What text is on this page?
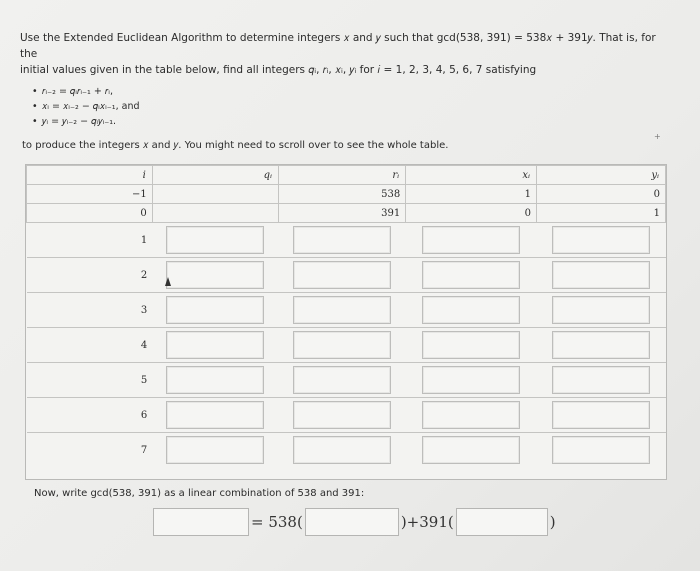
Use the Extended Euclidean Algorithm to determine integers 𝑥 and 𝑦 such that gcd(538, 391) = 538𝑥 + 391𝑦. That is, for the
initial values given in the table below, find all integers 𝑞ᵢ, 𝑟ᵢ, 𝑥ᵢ, 𝑦ᵢ for 𝑖 = 1, 2, 3, 4, 5, 6, 7 satisfying
• 𝑟ᵢ₋₂ = 𝑞ᵢ𝑟ᵢ₋₁ + 𝑟ᵢ,
• 𝑥ᵢ = 𝑥ᵢ₋₂ − 𝑞ᵢ𝑥ᵢ₋₁, and
• 𝑦ᵢ = 𝑦ᵢ₋₂ − 𝑞ᵢ𝑦ᵢ₋₁.
+
to produce the integers 𝑥 and 𝑦. You might need to scroll over to see the whole table.
𝑖	𝑞ᵢ	𝑟ᵢ	𝑥ᵢ	𝑦ᵢ
−1		538	1	0
0		391	0	1
1	

2	

3	

4	

5	

6	

7	

Now, write gcd(538, 391) as a linear combination of 538 and 391:
= 538(	)+391(	)
